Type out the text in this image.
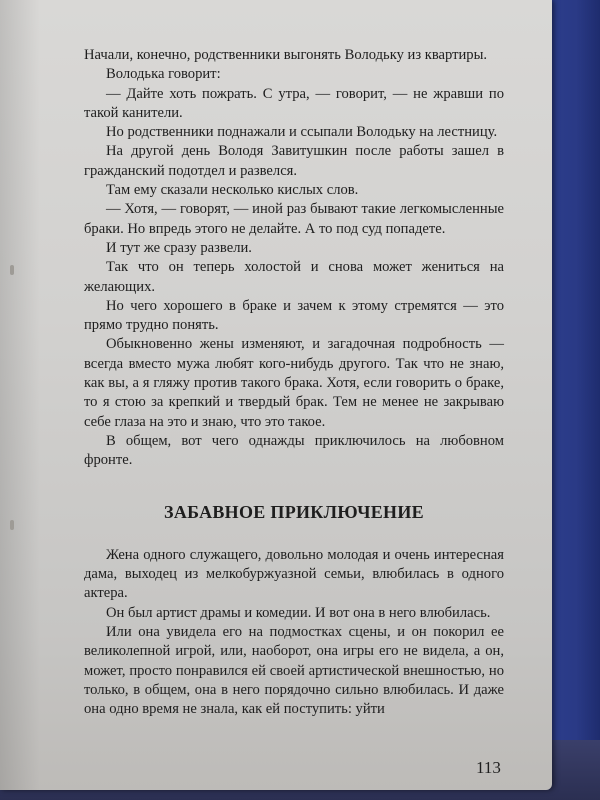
Начали, конечно, родственники выгонять Володьку из квартиры.

Володька говорит:

— Дайте хоть пожрать. С утра, — говорит, — не жравши по такой канители.

Но родственники поднажали и ссыпали Володьку на лестницу.

На другой день Володя Завитушкин после работы зашел в гражданский подотдел и развелся.

Там ему сказали несколько кислых слов.

— Хотя, — говорят, — иной раз бывают такие легкомысленные браки. Но впредь этого не делайте. А то под суд попадете.

И тут же сразу развели.

Так что он теперь холостой и снова может жениться на желающих.

Но чего хорошего в браке и зачем к этому стремятся — это прямо трудно понять.

Обыкновенно жены изменяют, и загадочная подробность — всегда вместо мужа любят кого-нибудь другого. Так что не знаю, как вы, а я гляжу против такого брака. Хотя, если говорить о браке, то я стою за крепкий и твердый брак. Тем не менее не закрываю себе глаза на это и знаю, что это такое.

В общем, вот чего однажды приключилось на любовном фронте.

ЗАБАВНОЕ ПРИКЛЮЧЕНИЕ

Жена одного служащего, довольно молодая и очень интересная дама, выходец из мелкобуржуазной семьи, влюбилась в одного актера.

Он был артист драмы и комедии. И вот она в него влюбилась.

Или она увидела его на подмостках сцены, и он покорил ее великолепной игрой, или, наоборот, она игры его не видела, а он, может, просто понравился ей своей артистической внешностью, но только, в общем, она в него порядочно сильно влюбилась. И даже она одно время не знала, как ей поступить: уйти

113
